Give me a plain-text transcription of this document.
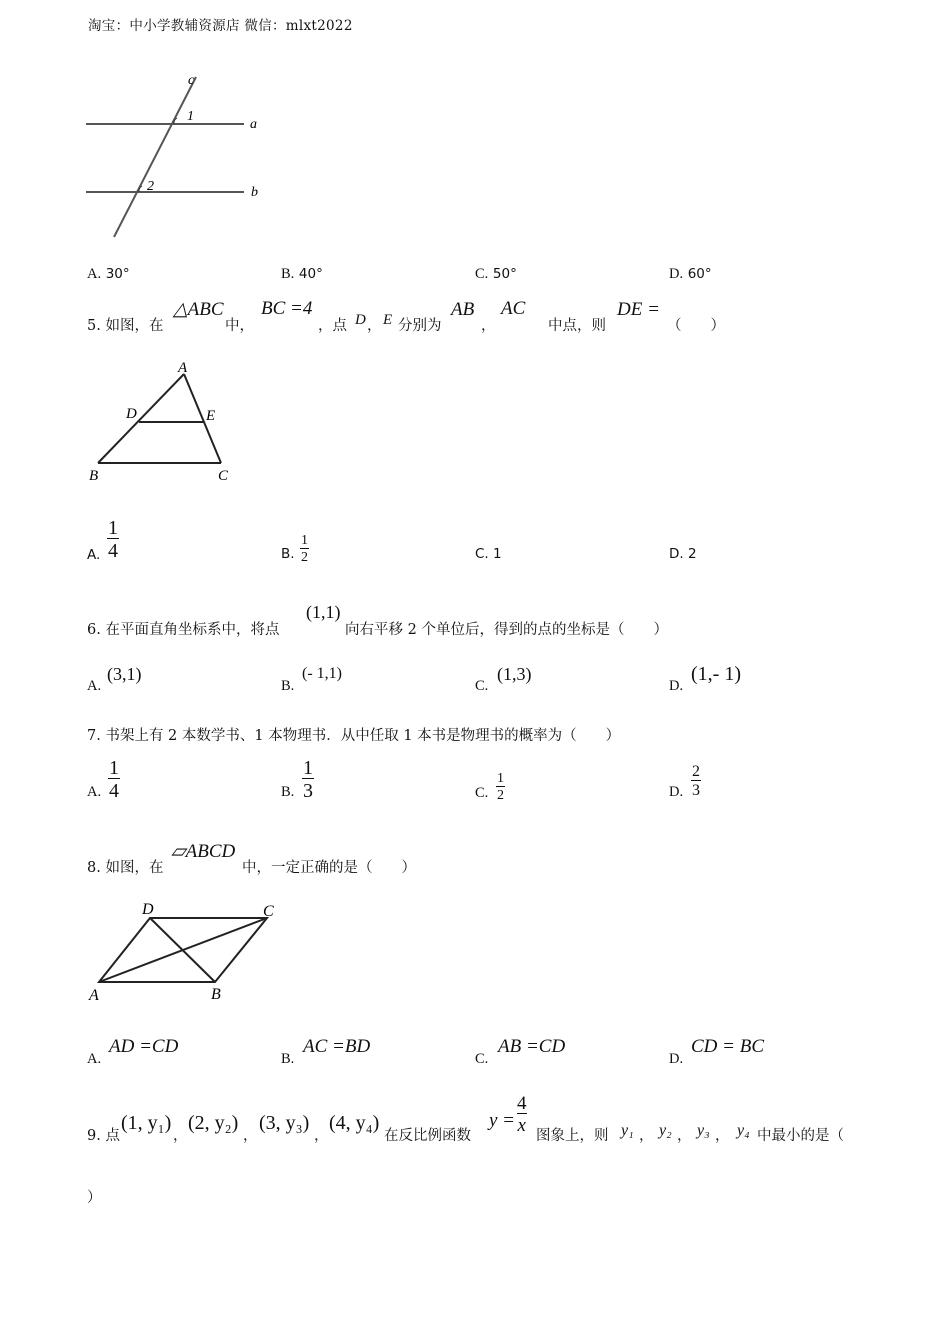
淘宝：中小学教辅资源店 微信：mlxt2022
c
1
a
2	b
A. 30°	B. 40°	C. 50°	D. 60°
5. 如图，在
△ABC
中，
BC =4
，点 D ， E 分别为
AB
，
AC
中点，则
DE =
（　　）
A
D	E
B	C
A. $\frac{1}{4}$	B. $\frac{1}{2}$	C. 1	D. 2
6. 在平面直角坐标系中，将点
(1,1)
向右平移 2 个单位后，得到的点的坐标是（　　）
A.
(3,1)
B.
(- 1,1)
C.
(1,3)
D.
(1,- 1)
7. 书架上有 2 本数学书、1 本物理书．从中任取 1 本书是物理书的概率为（　　）
A. $\frac{1}{4}$	B. $\frac{1}{3}$	C. $\frac{1}{2}$	D. $\frac{2}{3}$
8. 如图，在
▱ABCD
中，一定正确的是（　　）
D	C
A	B
A.
AD =CD
B.
AC =BD
C.
AB =CD
D.
CD = BC
9. 点
(1, y₁)
，
(2, y₂)
，
(3, y₃)
，
(4, y₄)
在反比例函数
$y = \frac{4}{x}$
图象上，则 y₁ ， y₂ ， y₃ ， y₄ 中最小的是（
）
